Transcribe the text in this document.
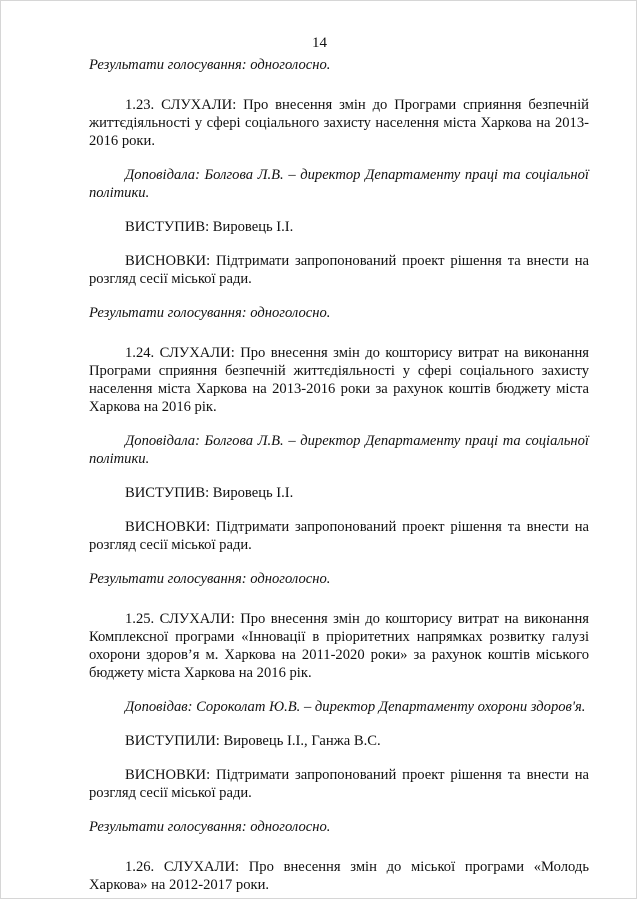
14

Результати голосування: одноголосно.

1.23. СЛУХАЛИ: Про внесення змін до Програми сприяння безпечній життєдіяльності у сфері соціального захисту населення міста Харкова на 2013-2016 роки.

Доповідала: Болгова Л.В. – директор Департаменту праці та соціальної політики.

ВИСТУПИВ: Вировець І.І.

ВИСНОВКИ: Підтримати запропонований проект рішення та внести на розгляд сесії міської ради.

Результати голосування: одноголосно.

1.24. СЛУХАЛИ: Про внесення змін до кошторису витрат на виконання Програми сприяння безпечній життєдіяльності у сфері соціального захисту населення міста Харкова на 2013-2016 роки за рахунок коштів бюджету міста Харкова на 2016 рік.

Доповідала: Болгова Л.В. – директор Департаменту праці та соціальної політики.

ВИСТУПИВ: Вировець І.І.

ВИСНОВКИ: Підтримати запропонований проект рішення та внести на розгляд сесії міської ради.

Результати голосування: одноголосно.

1.25. СЛУХАЛИ: Про внесення змін до кошторису витрат на виконання Комплексної програми «Інновації в пріоритетних напрямках розвитку галузі охорони здоров’я м. Харкова на 2011-2020 роки» за рахунок коштів міського бюджету міста Харкова на 2016 рік.

Доповідав: Сороколат Ю.В. – директор Департаменту охорони здоров'я.

ВИСТУПИЛИ: Вировець І.І., Ганжа В.С.

ВИСНОВКИ: Підтримати запропонований проект рішення та внести на розгляд сесії міської ради.

Результати голосування: одноголосно.

1.26. СЛУХАЛИ: Про внесення змін до міської програми «Молодь Харкова» на 2012-2017 роки.
